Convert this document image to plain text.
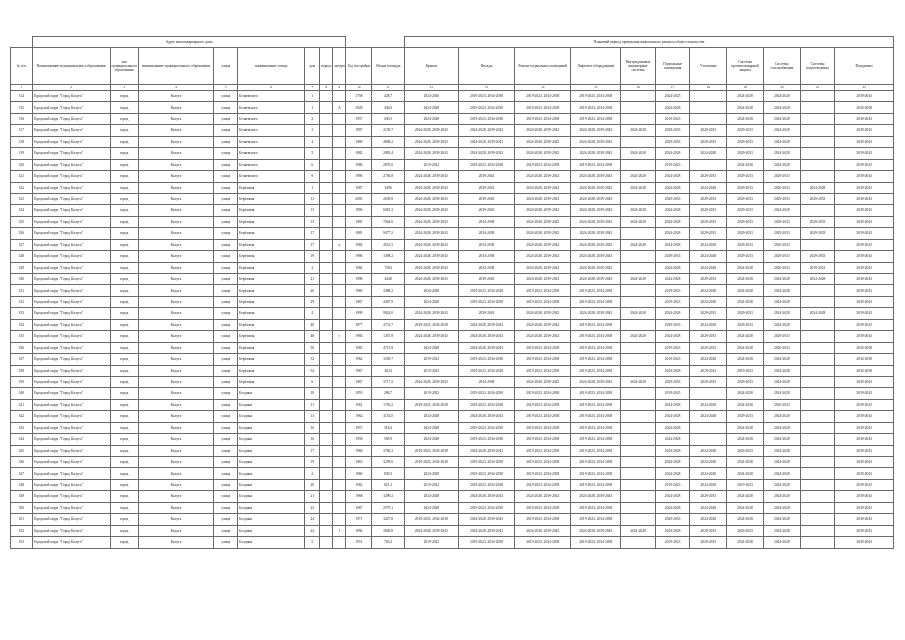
	Адрес многоквартирного дома										Плановый период проведения капитального ремонта общего имущества										
№ п/п	Наименование муниципального образования	тип муниципального образования	наименование муниципального образования	улица	наименование улицы	дом	корпус	литера	Год постройки	Общая площадь	Крыши	Фасады	Ремонт подвальных помещений	Лифтовое оборудование	Внутридомовые инженерные системы	Подвальные помещения	Утепление	Системы противопожарной защиты	Системы газоснабжения	Системы водоотведения	Фундамент
1	2	3	4	5	6	7	8	9	10	11	12	13	14	15	16	17	18	19	20	21	22
314	Городской округ "Город Калуга"	город	Калуга	улица	Беляевского	1			1758	428,7	2024-2026	2019-2023, 2034-2038	2019-2023, 2034-2038	2019-2023, 2034-2038		2024-2025		2024-2028	2024-2028		2039-2043
315	Городской округ "Город Калуга"	город	Калуга	улица	Беляевского	1		А	1928	436,6	2024-2028	2019-2023, 2034-2038	2019-2023, 2034-2038	2019-2023, 2034-2038		2024-2028		2024-2028	2024-2028		2034-2038
316	Городской округ "Город Калуга"	город	Калуга	улица	Беляевского	2			1957	430,5	2024-2028	2019-2023, 2034-2038	2019-2023, 2034-2038	2019-2023, 2034-2038		2019-2023		2024-2028	2024-2028		2039-2043
317	Городской округ "Город Калуга"	город	Калуга	улица	Беляевского	3			1997	2139,7	2024-2028, 2039-2043	2024-2028, 2039-2043	2024-2028, 2039-2043	2024-2028, 2039-2043	2024-2028	2029-2033	2029-2033	2029-2033	2024-2028		2039-2043
318	Городской округ "Город Калуга"	город	Калуга	улица	Беляевского	4			1969	4698,2	2024-2028, 2039-2043	2024-2028, 2039-2043	2024-2028, 2039-2043	2024-2028, 2039-2043		2029-2033	2029-2033	2029-2033	2024-2028		2039-2043
319	Городской округ "Город Калуга"	город	Калуга	улица	Беляевского	5			1982	2983,4	2024-2028, 2039-2043	2024-2028, 2039-2043	2024-2028, 2039-2043	2024-2028, 2039-2043	2024-2028	2024-2028	2024-2028	2029-2033	2024-2028		2039-2043
320	Городской округ "Город Калуга"	город	Калуга	улица	Беляевского	6			1986	2876,0	2019-2023	2019-2023, 2034-2038	2019-2023, 2034-2038	2019-2023, 2034-2038		2019-2023		2024-2028	2024-2028		2039-2043
321	Городской округ "Город Калуга"	город	Калуга	улица	Беляевского	9			1990	2736,8	2024-2028, 2039-2043	2039-2043	2024-2028, 2039-2043	2024-2028, 2039-2043	2024-2028	2024-2028	2029-2033	2029-2033	2029-2033		2039-2043
322	Городской округ "Город Калуга"	город	Калуга	улица	Берёзовая	1			1987	3496	2024-2028, 2039-2043	2039-2043	2024-2028, 2039-2043	2024-2028, 2039-2043	2024-2028	2024-2028	2024-2028	2029-2033	2029-2033	2024-2028	2039-2043
323	Городской округ "Город Калуга"	город	Калуга	улица	Берёзовая	11			2003	2639,8	2024-2028, 2039-2043	2039-2043	2024-2028, 2039-2043	2024-2028, 2039-2043		2029-2033	2029-2033	2029-2033	2029-2033	2029-2033	2039-2043
324	Городской округ "Город Калуга"	город	Калуга	улица	Берёзовая	13			1994	6081,3	2024-2028, 2039-2043	2039-2043	2024-2028, 2039-2043	2024-2028, 2039-2043	2024-2028	2024-2028	2029-2033	2029-2033	2024-2028		2039-2043
325	Городской округ "Город Калуга"	город	Калуга	улица	Берёзовая	15			1985	7044,6	2024-2028, 2039-2043	2034-2038	2024-2028, 2039-2043	2024-2028, 2039-2043	2024-2028	2024-2028	2029-2033	2029-2033	2029-2033	2029-2033	2039-2043
326	Городской округ "Город Калуга"	город	Калуга	улица	Берёзовая	17			1981	9477,2	2024-2028, 2039-2043	2034-2038	2024-2028, 2039-2043	2024-2028, 2039-2043		2024-2028	2029-2033	2029-2033	2029-2033	2029-2033	2039-2043
327	Городской округ "Город Калуга"	город	Калуга	улица	Берёзовая	17		к	1984	4541,5	2024-2028, 2039-2043	2034-2038	2024-2028, 2039-2043	2024-2028, 2039-2043	2024-2028	2024-2028	2024-2028	2029-2033	2029-2033		2039-2043
328	Городской округ "Город Калуга"	город	Калуга	улица	Берёзовая	19			1986	3498,2	2024-2028, 2039-2043	2034-2038	2024-2028, 2039-2043	2024-2028, 2039-2043		2029-2033	2024-2028	2029-2033	2029-2033	2029-2033	2039-2043
329	Городской округ "Город Калуга"	город	Калуга	улица	Берёзовая	2			1982	7384	2024-2028, 2039-2043	2034-2038	2024-2028, 2039-2043	2024-2028, 2039-2043		2024-2028	2024-2028	2024-2028	2029-2033	2019-2023	2039-2043
330	Городской округ "Город Калуга"	город	Калуга	улица	Берёзовая	21			1998	4448	2024-2028, 2039-2043	2039-2043	2024-2028, 2039-2043	2024-2028, 2039-2043	2024-2028	2024-2028	2029-2033	2024-2028	2024-2028	2024-2028	2039-2043
331	Городской округ "Город Калуга"	город	Калуга	улица	Берёзовая	26			1969	3488,2	2024-2028	2019-2023, 2034-2038	2019-2023, 2034-2038	2019-2023, 2034-2038		2019-2023	2024-2028	2024-2028	2024-2028		2039-2043
332	Городской округ "Город Калуга"	город	Калуга	улица	Берёзовая	29			1967	4407,9	2024-2028	2019-2023, 2034-2038	2019-2023, 2034-2038	2019-2023, 2034-2038		2019-2023	2024-2028	2024-2028	2024-2028		2039-2043
333	Городской округ "Город Калуга"	город	Калуга	улица	Берёзовая	4			1999	9824,0	2024-2028, 2039-2043	2039-2043	2024-2028, 2039-2043	2024-2028, 2039-2043	2024-2028	2024-2028	2029-2033	2029-2033	2024-2028	2024-2028	2039-2043
334	Городской округ "Город Калуга"	город	Калуга	улица	Берёзовая	40			1977	4731,7	2019-2023, 2034-2038	2024-2028, 2039-2043	2024-2028, 2039-2043	2019-2023, 2034-2038		2029-2033	2024-2028	2029-2033	2024-2028		2039-2043
335	Городской округ "Город Калуга"	город	Калуга	улица	Берёзовая	48		г	1984	1267,8	2024-2028, 2039-2043	2024-2028, 2039-2043	2024-2028, 2039-2043	2019-2023, 2034-2038	2024-2028	2024-2028	2029-2033	2024-2028	2029-2033		2039-2043
336	Городской округ "Город Калуга"	город	Калуга	улица	Берёзовая	50			1985	4715,8	2024-2028	2024-2028, 2039-2043	2019-2023, 2034-2038	2019-2023, 2034-2038		2019-2023	2029-2033	2024-2028	2029-2033		2034-2038
337	Городской округ "Город Калуга"	город	Калуга	улица	Берёзовая	52			1962	3339,7	2019-2023	2019-2023, 2034-2038	2019-2023, 2034-2038	2019-2023, 2034-2038		2019-2023	2024-2028	2024-2028	2024-2028		2034-2038
338	Городской округ "Город Калуга"	город	Калуга	улица	Берёзовая	54			1967	2624	2019-2023	2019-2023, 2034-2038	2019-2023, 2034-2038	2019-2023, 2034-2038		2024-2028	2019-2023	2019-2023	2024-2028		2034-2038
339	Городской округ "Город Калуга"	город	Калуга	улица	Берёзовая	6			1967	3717,2	2024-2028, 2039-2043	2034-2038	2024-2028, 2039-2043	2024-2028, 2039-2043	2024-2028	2029-2033	2029-2033	2029-2033	2024-2028		2039-2043
340	Городской округ "Город Калуга"	город	Калуга	улица	Болдина	10			1953	286,7	2019-2023	2019-2023, 2034-2038	2019-2023, 2034-2038	2019-2023, 2034-2038		2019-2023		2024-2028	2024-2028		2039-2043
341	Городской округ "Город Калуга"	город	Калуга	улица	Болдина	11			1961	1763,2	2019-2023, 2034-2038	2019-2023, 2034-2038	2019-2023, 2034-2038	2019-2023, 2034-2038		2024-2028	2024-2028	2024-2028	2029-2033		2039-2043
342	Городской округ "Город Калуга"	город	Калуга	улица	Болдина	13			1962	4153,0	2024-2028	2024-2028, 2039-2043	2019-2023, 2034-2038	2019-2023, 2034-2038		2024-2028	2024-2028	2029-2033	2024-2028		2039-2043
343	Городской округ "Город Калуга"	город	Калуга	улица	Болдина	16			1957	318,4	2024-2028	2019-2023, 2034-2038	2019-2023, 2034-2038	2019-2023, 2034-2038		2024-2028		2024-2028	2024-2028		2039-2043
344	Городской округ "Город Калуга"	город	Калуга	улица	Болдина	16			1958	569,9	2024-2028	2019-2023, 2034-2038	2019-2023, 2034-2038	2019-2023, 2034-2038		2024-2028		2024-2028	2024-2028		2039-2043
345	Городской округ "Город Калуга"	город	Калуга	улица	Болдина	17			1968	3766,3	2019-2023, 2034-2038	2024-2028, 2039-2043	2019-2023, 2034-2038	2019-2023, 2034-2038		2024-2028	2024-2028	2029-2033	2024-2028		2039-2043
346	Городской округ "Город Калуга"	город	Калуга	улица	Болдина	19			1963	3259,6	2019-2023, 2034-2038	2019-2023, 2034-2038	2019-2023, 2034-2038	2019-2023, 2034-2038		2024-2028	2024-2028	2024-2028	2024-2028		2039-2043
347	Городской округ "Город Калуга"	город	Калуга	улица	Болдина	2			1960	839,5	2024-2028	2019-2023, 2034-2038	2019-2023, 2034-2038	2019-2023, 2034-2038		2024-2028	2024-2028	2024-2028	2024-2028		2039-2043
348	Городской округ "Город Калуга"	город	Калуга	улица	Болдина	20			1962	821,3	2019-2023	2019-2023, 2034-2038	2019-2023, 2034-2038	2019-2023, 2034-2038		2019-2023	2024-2028	2019-2023	2024-2028		2039-2043
349	Городской округ "Город Калуга"	город	Калуга	улица	Болдина	21			1968	3299,2	2024-2028	2024-2028, 2039-2043	2024-2028, 2039-2043	2024-2028, 2039-2043		2024-2028	2029-2033	2024-2028	2024-2028		2039-2043
350	Городской округ "Город Калуга"	город	Калуга	улица	Болдина	23			1967	2579,1	2024-2028	2019-2023, 2034-2038	2019-2023, 2034-2038	2019-2023, 2034-2038		2024-2028	2024-2028	2024-2028	2024-2028		2039-2043
351	Городской округ "Город Калуга"	город	Калуга	улица	Болдина	24			1971	3227,8	2019-2023, 2034-2038	2024-2028, 2039-2043	2019-2023, 2034-2038	2019-2023, 2034-2038		2029-2033	2024-2028	2024-2028	2024-2028		2039-2043
352	Городской округ "Город Калуга"	город	Калуга	улица	Болдина	24		1	1994	3049,8	2024-2028, 2039-2043	2024-2028, 2039-2043	2024-2028, 2039-2043	2024-2028, 2039-2043	2024-2028	2024-2028	2029-2033	2029-2033	2024-2028		2039-2043
353	Городской округ "Город Калуга"	город	Калуга	улица	Болдина	5			1951	763,2	2019-2023	2019-2023, 2034-2038	2019-2023, 2034-2038	2019-2023, 2034-2038		2019-2023	2029-2033	2024-2028	2024-2028		2039-2043
